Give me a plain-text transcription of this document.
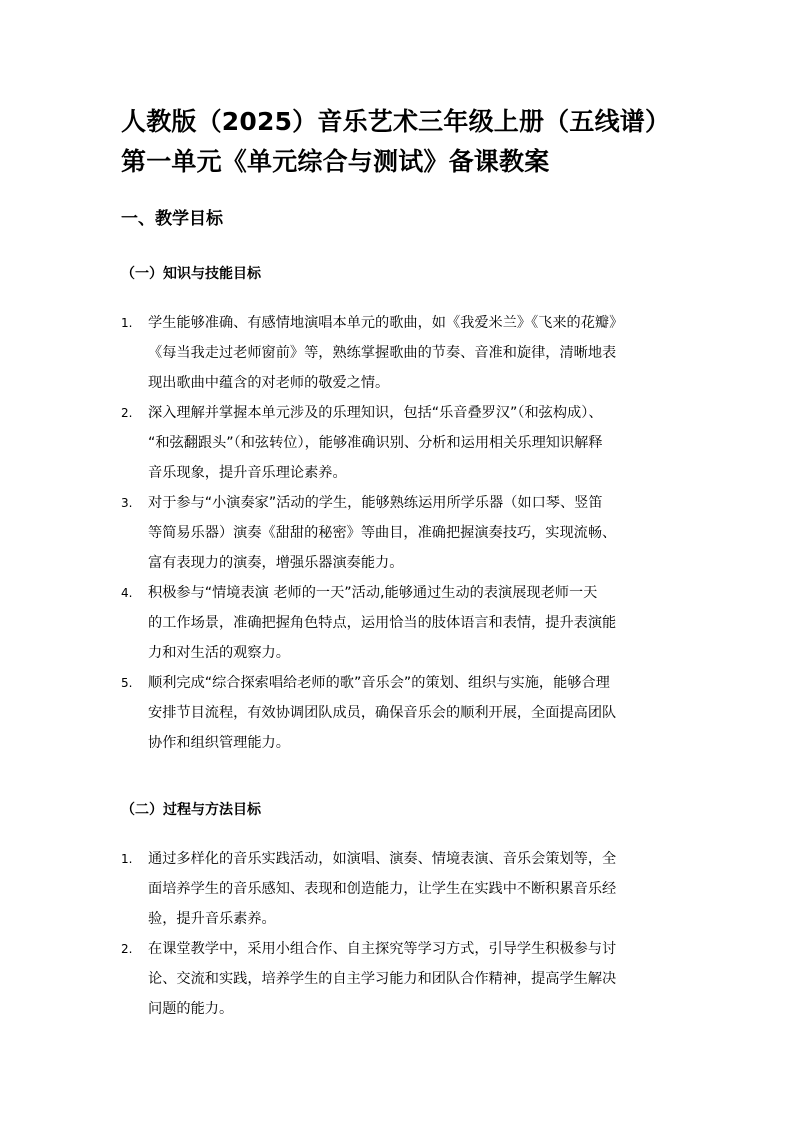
人教版（2025）音乐艺术三年级上册（五线谱）
第一单元《单元综合与测试》备课教案
一、教学目标
（一）知识与技能目标
1. 学生能够准确、有感情地演唱本单元的歌曲，如《我爱米兰》《飞来的花瓣》
《每当我走过老师窗前》等，熟练掌握歌曲的节奏、音准和旋律，清晰地表
现出歌曲中蕴含的对老师的敬爱之情。
2. 深入理解并掌握本单元涉及的乐理知识，包括“乐音叠罗汉”（和弦构成）、
“和弦翻跟头”（和弦转位），能够准确识别、分析和运用相关乐理知识解释
音乐现象，提升音乐理论素养。
3. 对于参与“小演奏家”活动的学生，能够熟练运用所学乐器（如口琴、竖笛
等简易乐器）演奏《甜甜的秘密》等曲目，准确把握演奏技巧，实现流畅、
富有表现力的演奏，增强乐器演奏能力。
4. 积极参与“情境表演 老师的一天”活动,能够通过生动的表演展现老师一天
的工作场景，准确把握角色特点，运用恰当的肢体语言和表情，提升表演能
力和对生活的观察力。
5. 顺利完成“综合探索唱给老师的歌”音乐会”的策划、组织与实施，能够合理
安排节目流程，有效协调团队成员，确保音乐会的顺利开展，全面提高团队
协作和组织管理能力。
（二）过程与方法目标
1. 通过多样化的音乐实践活动，如演唱、演奏、情境表演、音乐会策划等，全
面培养学生的音乐感知、表现和创造能力，让学生在实践中不断积累音乐经
验，提升音乐素养。
2. 在课堂教学中，采用小组合作、自主探究等学习方式，引导学生积极参与讨
论、交流和实践，培养学生的自主学习能力和团队合作精神，提高学生解决
问题的能力。
